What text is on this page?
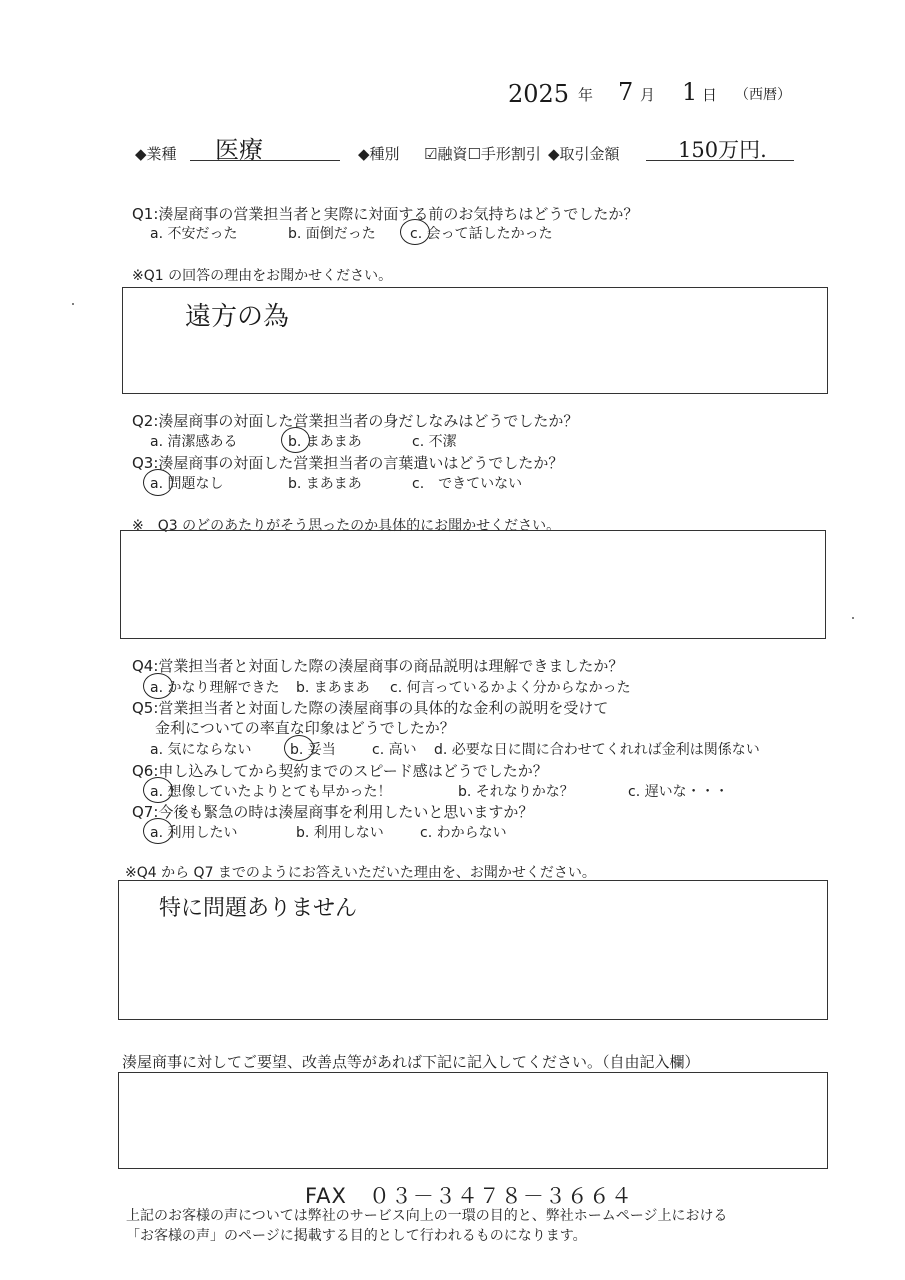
2025 年 7 月 1 日 （西暦）
◆業種 医療	◆種別 ☑融資☐手形割引 ◆取引金額	150万円.
Q1:湊屋商事の営業担当者と実際に対面する前のお気持ちはどうでしたか？
a. 不安だった	b. 面倒だった c. 会って話したかった
※Q1 の回答の理由をお聞かせください。
遠方の為
Q2:湊屋商事の対面した営業担当者の身だしなみはどうでしたか？
a. 清潔感ある	b. まあまあ	c. 不潔
Q3:湊屋商事の対面した営業担当者の言葉遣いはどうでしたか？
a. 問題なし	b. まあまあ	c.　できていない
※　Q3 のどのあたりがそう思ったのか具体的にお聞かせください。
Q4:営業担当者と対面した際の湊屋商事の商品説明は理解できましたか？
a. かなり理解できた b. まあまあ c. 何言っているかよく分からなかった
Q5:営業担当者と対面した際の湊屋商事の具体的な金利の説明を受けて
金利についての率直な印象はどうでしたか？
a. 気にならない	b. 妥当	c. 高い d. 必要な日に間に合わせてくれれば金利は関係ない
Q6:申し込みしてから契約までのスピード感はどうでしたか？
a. 想像していたよりとても早かった！	b. それなりかな？	c. 遅いな・・・
Q7:今後も緊急の時は湊屋商事を利用したいと思いますか？
a. 利用したい	b. 利用しない	c. わからない
※Q4 から Q7 までのようにお答えいただいた理由を、お聞かせください。
特に問題ありません
湊屋商事に対してご要望、改善点等があれば下記に記入してください。（自由記入欄）
FAX　０３－３４７８－３６６４
上記のお客様の声については弊社のサービス向上の一環の目的と、弊社ホームページ上における
「お客様の声」のページに掲載する目的として行われるものになります。
